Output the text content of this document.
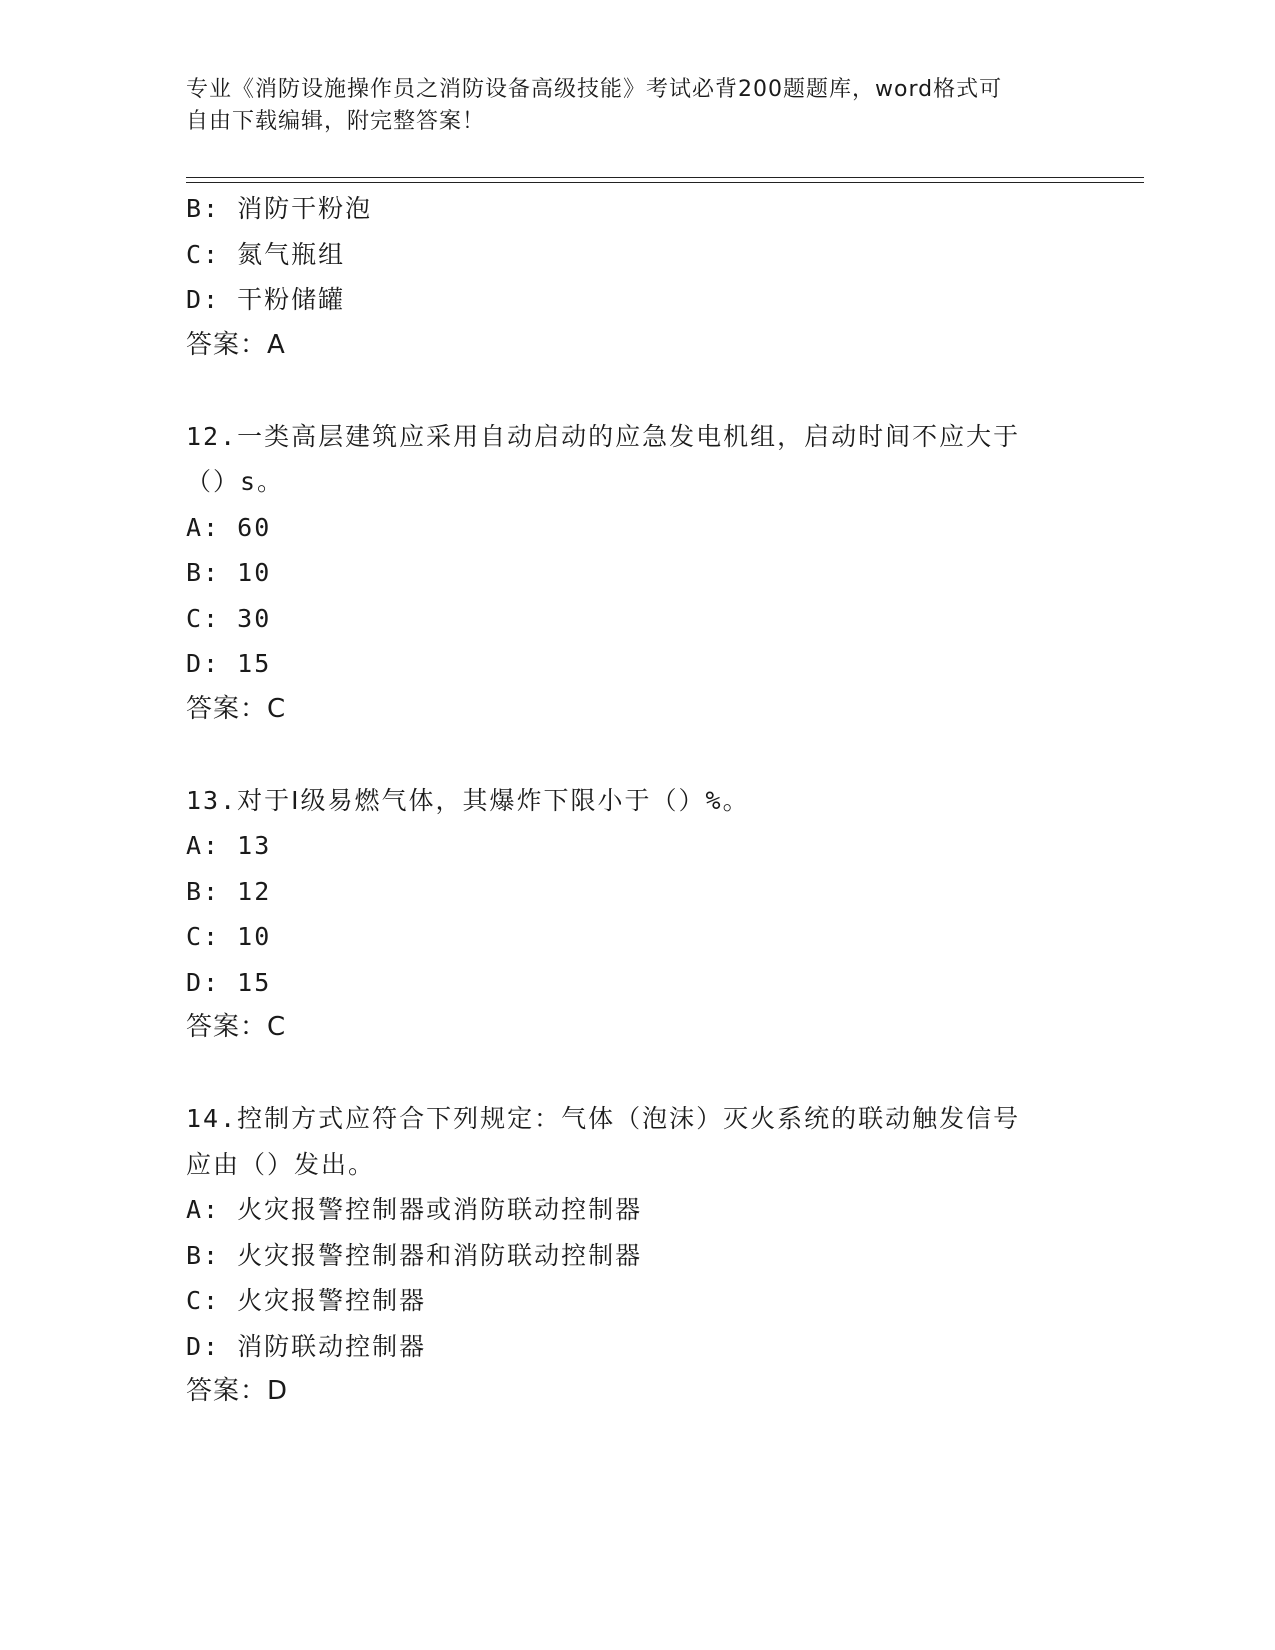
专业《消防设施操作员之消防设备高级技能》考试必背200题题库，word格式可
自由下载编辑，附完整答案！
B: 消防干粉泡
C: 氮气瓶组
D: 干粉储罐
答案：A
12.一类高层建筑应采用自动启动的应急发电机组，启动时间不应大于
（）s。
A: 60
B: 10
C: 30
D: 15
答案：C
13.对于Ⅰ级易燃气体，其爆炸下限小于（）%。
A: 13
B: 12
C: 10
D: 15
答案：C
14.控制方式应符合下列规定：气体（泡沫）灭火系统的联动触发信号
应由（）发出。
A: 火灾报警控制器或消防联动控制器
B: 火灾报警控制器和消防联动控制器
C: 火灾报警控制器
D: 消防联动控制器
答案：D
